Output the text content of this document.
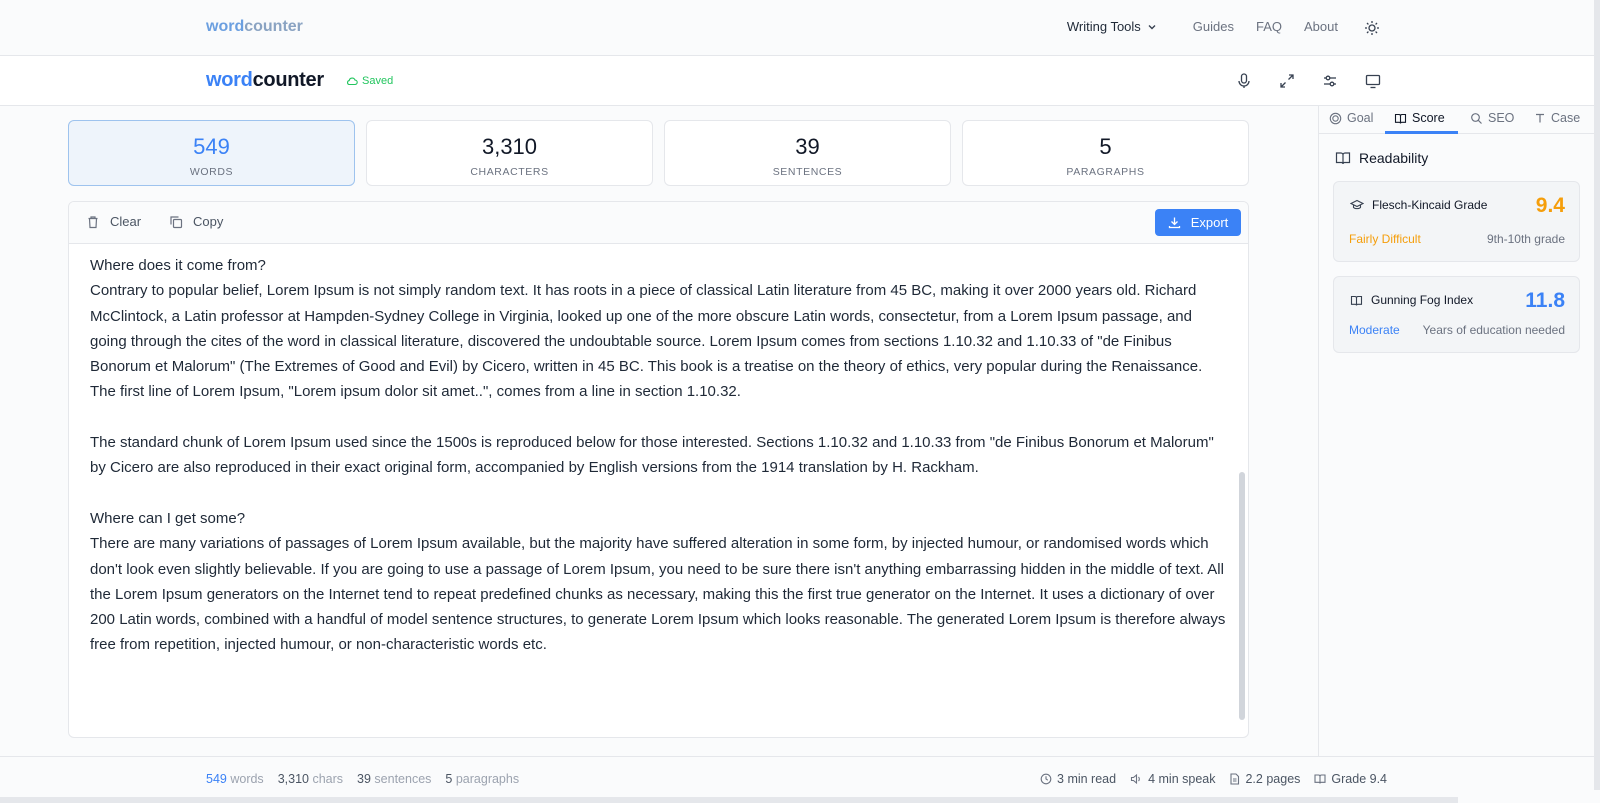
wordcounter	Writing Tools	Guides FAQ About
wordcounter	Saved
549
WORDS
3,310
CHARACTERS
39
SENTENCES
5
PARAGRAPHS
Clear	Copy	Export

Where does it come from?

Contrary to popular belief, Lorem Ipsum is not simply random text. It has roots in a piece of classical Latin literature from 45 BC, making it over 2000 years old. Richard McClintock, a Latin professor at Hampden-Sydney College in Virginia, looked up one of the more obscure Latin words, consectetur, from a Lorem Ipsum passage, and going through the cites of the word in classical literature, discovered the undoubtable source. Lorem Ipsum comes from sections 1.10.32 and 1.10.33 of "de Finibus Bonorum et Malorum" (The Extremes of Good and Evil) by Cicero, written in 45 BC. This book is a treatise on the theory of ethics, very popular during the Renaissance. The first line of Lorem Ipsum, "Lorem ipsum dolor sit amet..", comes from a line in section 1.10.32.

The standard chunk of Lorem Ipsum used since the 1500s is reproduced below for those interested. Sections 1.10.32 and 1.10.33 from "de Finibus Bonorum et Malorum" by Cicero are also reproduced in their exact original form, accompanied by English versions from the 1914 translation by H. Rackham.

Where can I get some?

There are many variations of passages of Lorem Ipsum available, but the majority have suffered alteration in some form, by injected humour, or randomised words which don't look even slightly believable. If you are going to use a passage of Lorem Ipsum, you need to be sure there isn't anything embarrassing hidden in the middle of text. All the Lorem Ipsum generators on the Internet tend to repeat predefined chunks as necessary, making this the first true generator on the Internet. It uses a dictionary of over 200 Latin words, combined with a handful of model sentence structures, to generate Lorem Ipsum which looks reasonable. The generated Lorem Ipsum is therefore always free from repetition, injected humour, or non-characteristic words etc.

Goal	Score	SEO	Case
Readability
Flesch-Kincaid Grade 9.4
Fairly Difficult	9th-10th grade
Gunning Fog Index 11.8
Moderate Years of education needed
549 words 3,310 chars 39 sentences 5 paragraphs	3 min read	4 min speak 2.2 pages Grade 9.4
